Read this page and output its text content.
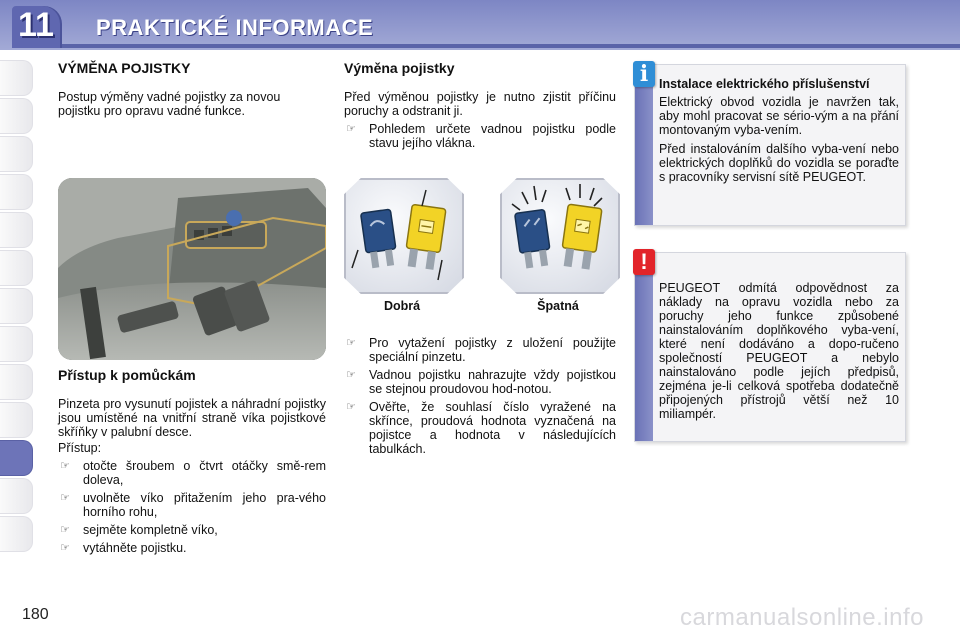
11 PRAKTICKÉ INFORMACE
VÝMĚNA POJISTKY

Postup výměny vadné pojistky za novou pojistku pro opravu vadné funkce.

Přístup k pomůckám

Pinzeta pro vysunutí pojistek a náhradní pojistky jsou umístěné na vnitřní straně víka pojistkové skříňky v palubní desce.

Přístup:

☞ otočte šroubem o čtvrt otáčky smě-rem doleva,
☞ uvolněte víko přitažením jeho pra-vého horního rohu,
☞ sejměte kompletně víko,
☞ vytáhněte pojistku.
Výměna pojistky

Před výměnou pojistky je nutno zjistit příčinu poruchy a odstranit ji.

☞ Pohledem určete vadnou pojistku podle stavu jejího vlákna.
Dobrá	Špatná
☞ Pro vytažení pojistky z uložení použijte speciální pinzetu.
☞ Vadnou pojistku nahrazujte vždy pojistkou se stejnou proudovou hod-notou.
☞ Ověřte, že souhlasí číslo vyražené na skřínce, proudová hodnota vyznačená na pojistce a hodnota v následujících tabulkách.
i Instalace elektrického příslušenství

Elektrický obvod vozidla je navržen tak, aby mohl pracovat se sério-vým a na přání montovaným vyba-vením.

Před instalováním dalšího vyba-vení nebo elektrických doplňků do vozidla se poraďte s pracovníky servisní sítě PEUGEOT.

!

PEUGEOT odmítá odpovědnost za náklady na opravu vozidla nebo za poruchy jeho funkce způsobené nainstalováním doplňkového vyba-vení, které není dodáváno a dopo-ručeno společností PEUGEOT a nebylo nainstalováno podle jejích předpisů, zejména je-li celková spotřeba dodatečně připojených přístrojů větší než 10 miliampér.

180	carmanualsonline.info
